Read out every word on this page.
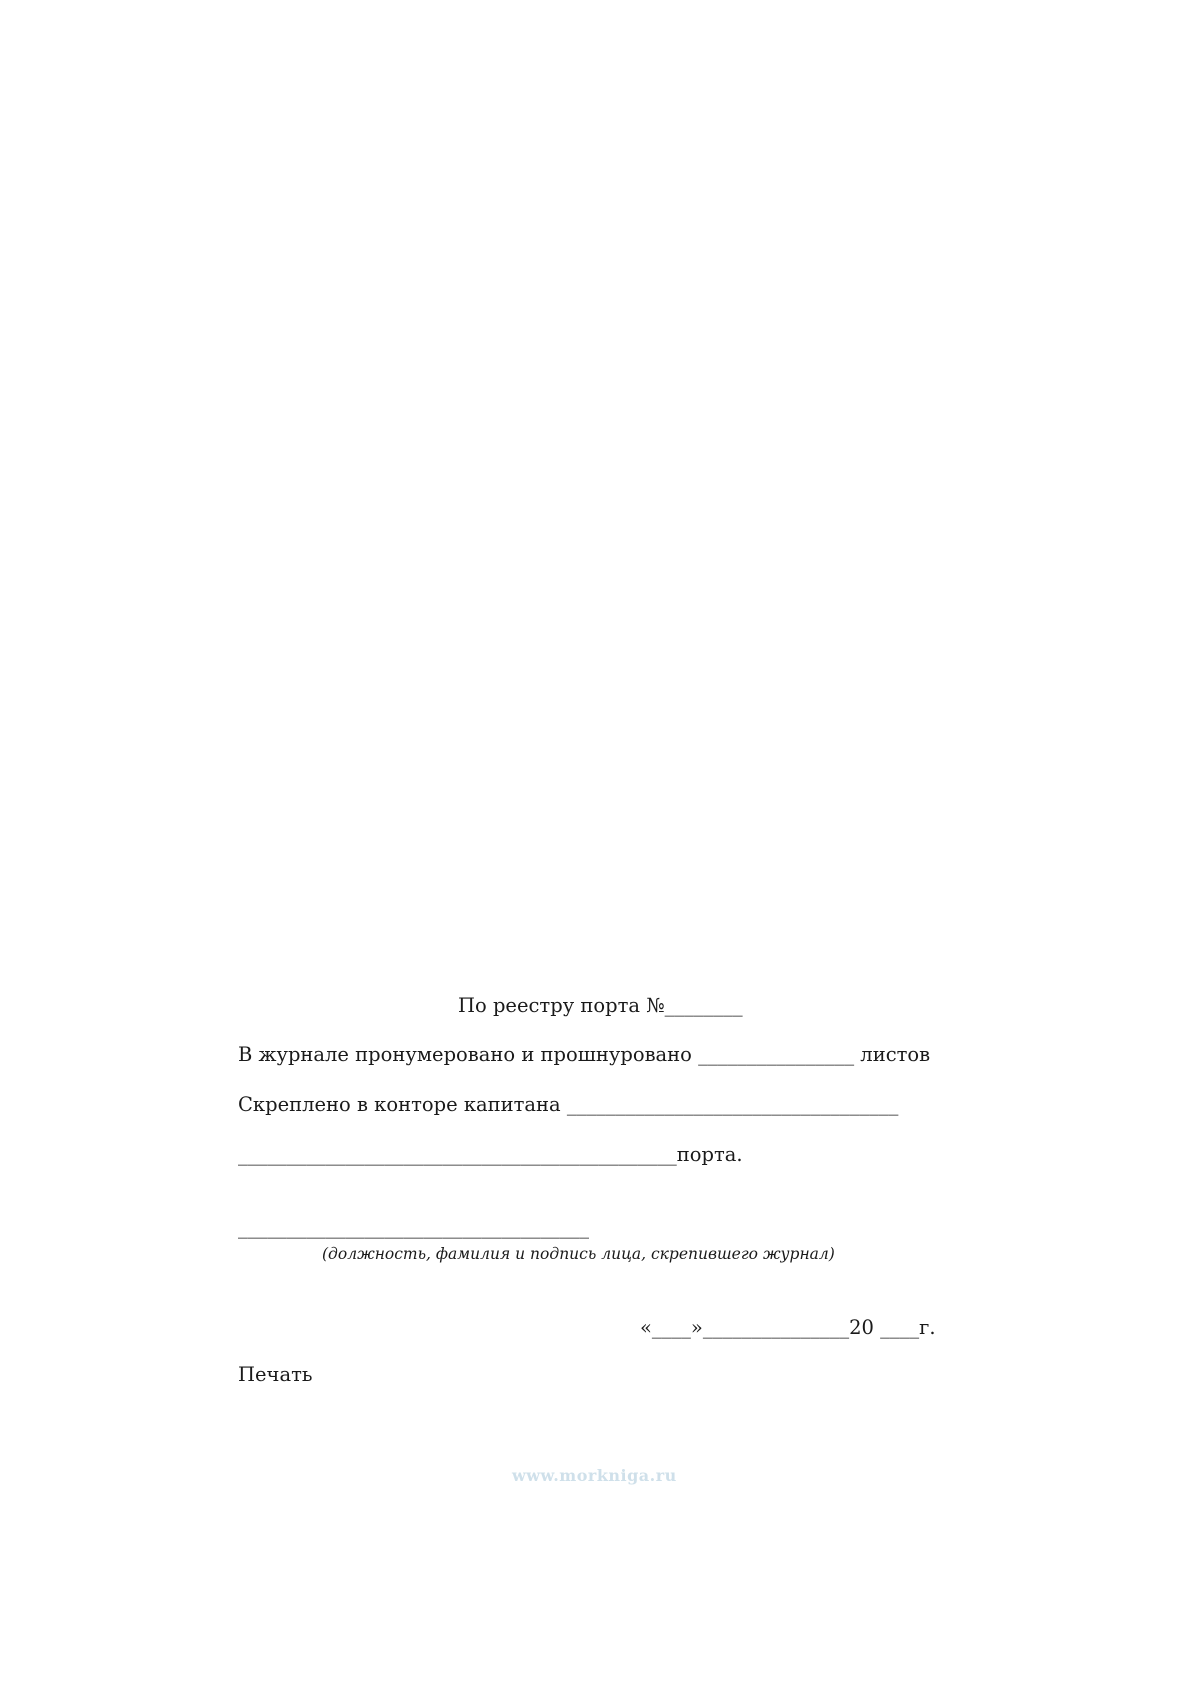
По реестру порта №________
В журнале пронумеровано и прошнуровано ________________ листов
Скреплено в конторе капитана __________________________________
_____________________________________________порта.
____________________________________
(должность, фамилия и подпись лица, скрепившего журнал)
«____»_______________20 ____г.
Печать
www.morkniga.ru
